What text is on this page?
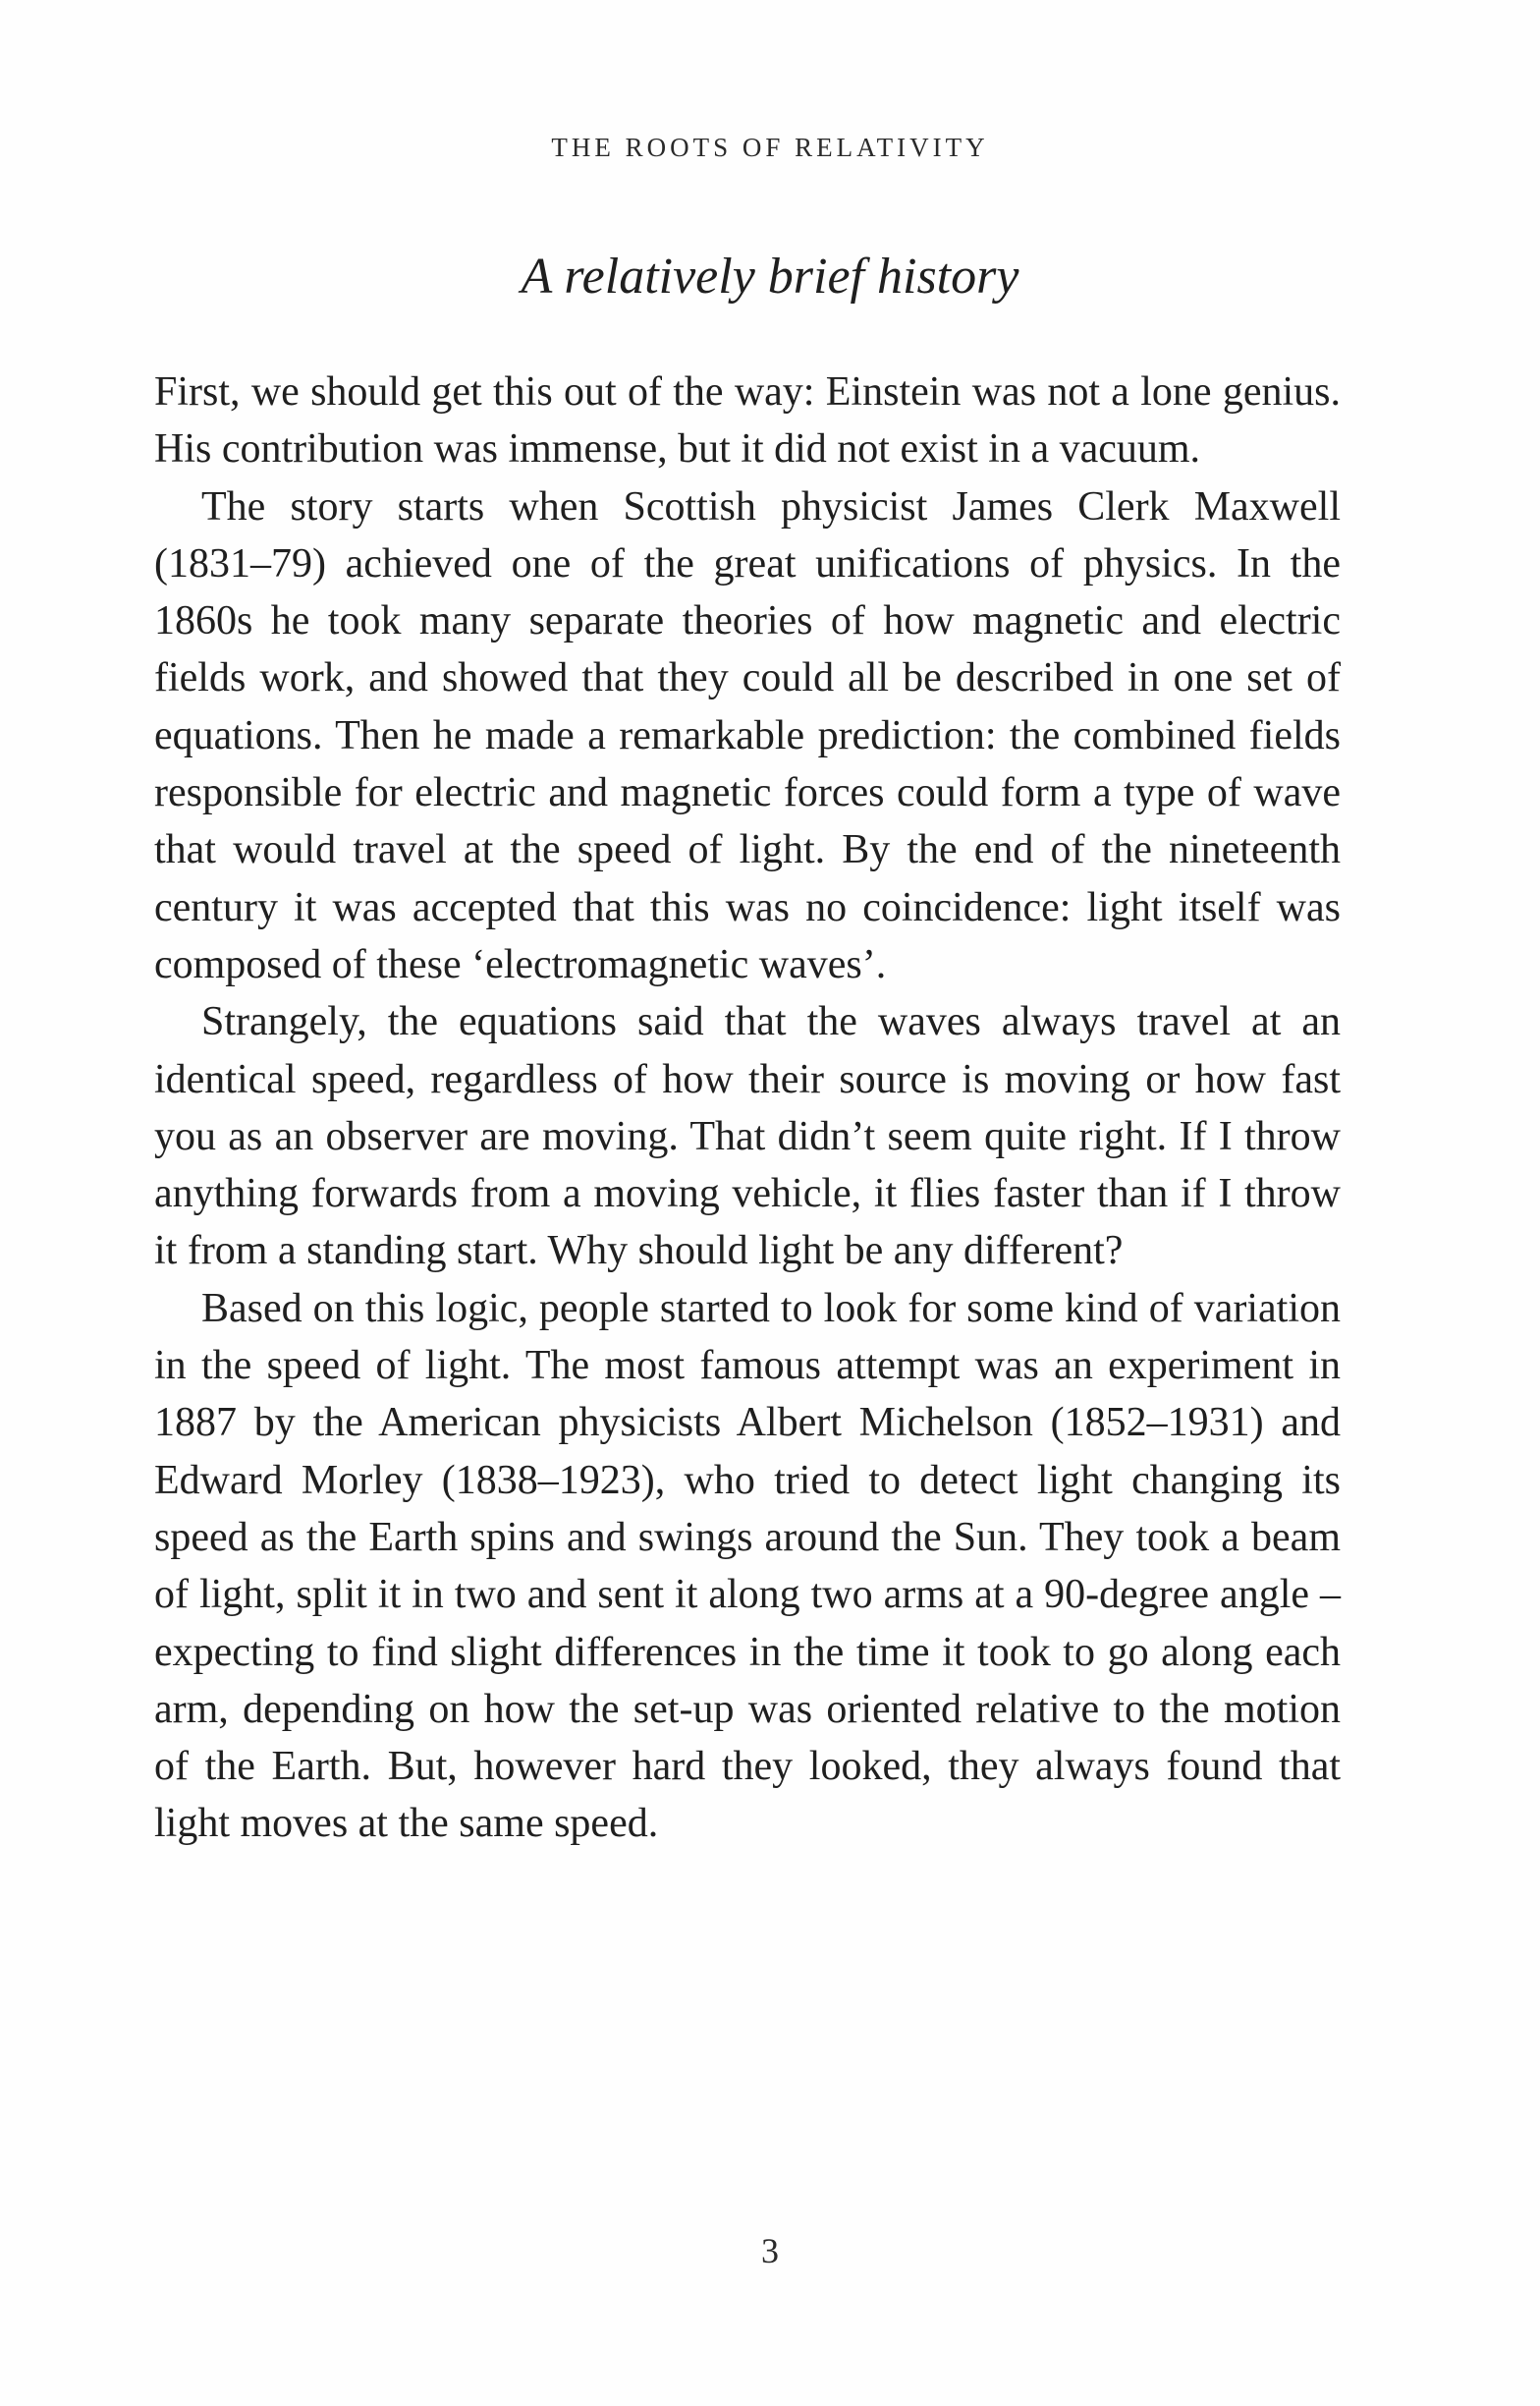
THE ROOTS OF RELATIVITY
A relatively brief history

First, we should get this out of the way: Einstein was not a lone genius. His contribution was immense, but it did not exist in a vacuum.

The story starts when Scottish physicist James Clerk Maxwell (1831–79) achieved one of the great unifications of physics. In the 1860s he took many separate theories of how magnetic and electric fields work, and showed that they could all be described in one set of equations. Then he made a remarkable prediction: the combined fields responsible for electric and magnetic forces could form a type of wave that would travel at the speed of light. By the end of the nineteenth century it was accepted that this was no coincidence: light itself was composed of these ‘electromagnetic waves’.

Strangely, the equations said that the waves always travel at an identical speed, regardless of how their source is moving or how fast you as an observer are moving. That didn’t seem quite right. If I throw anything forwards from a moving vehicle, it flies faster than if I throw it from a standing start. Why should light be any different?

Based on this logic, people started to look for some kind of variation in the speed of light. The most famous attempt was an experiment in 1887 by the American physicists Albert Michelson (1852–1931) and Edward Morley (1838–1923), who tried to detect light changing its speed as the Earth spins and swings around the Sun. They took a beam of light, split it in two and sent it along two arms at a 90-degree angle – expecting to find slight differences in the time it took to go along each arm, depending on how the set-up was oriented relative to the motion of the Earth. But, however hard they looked, they always found that light moves at the same speed.

3
